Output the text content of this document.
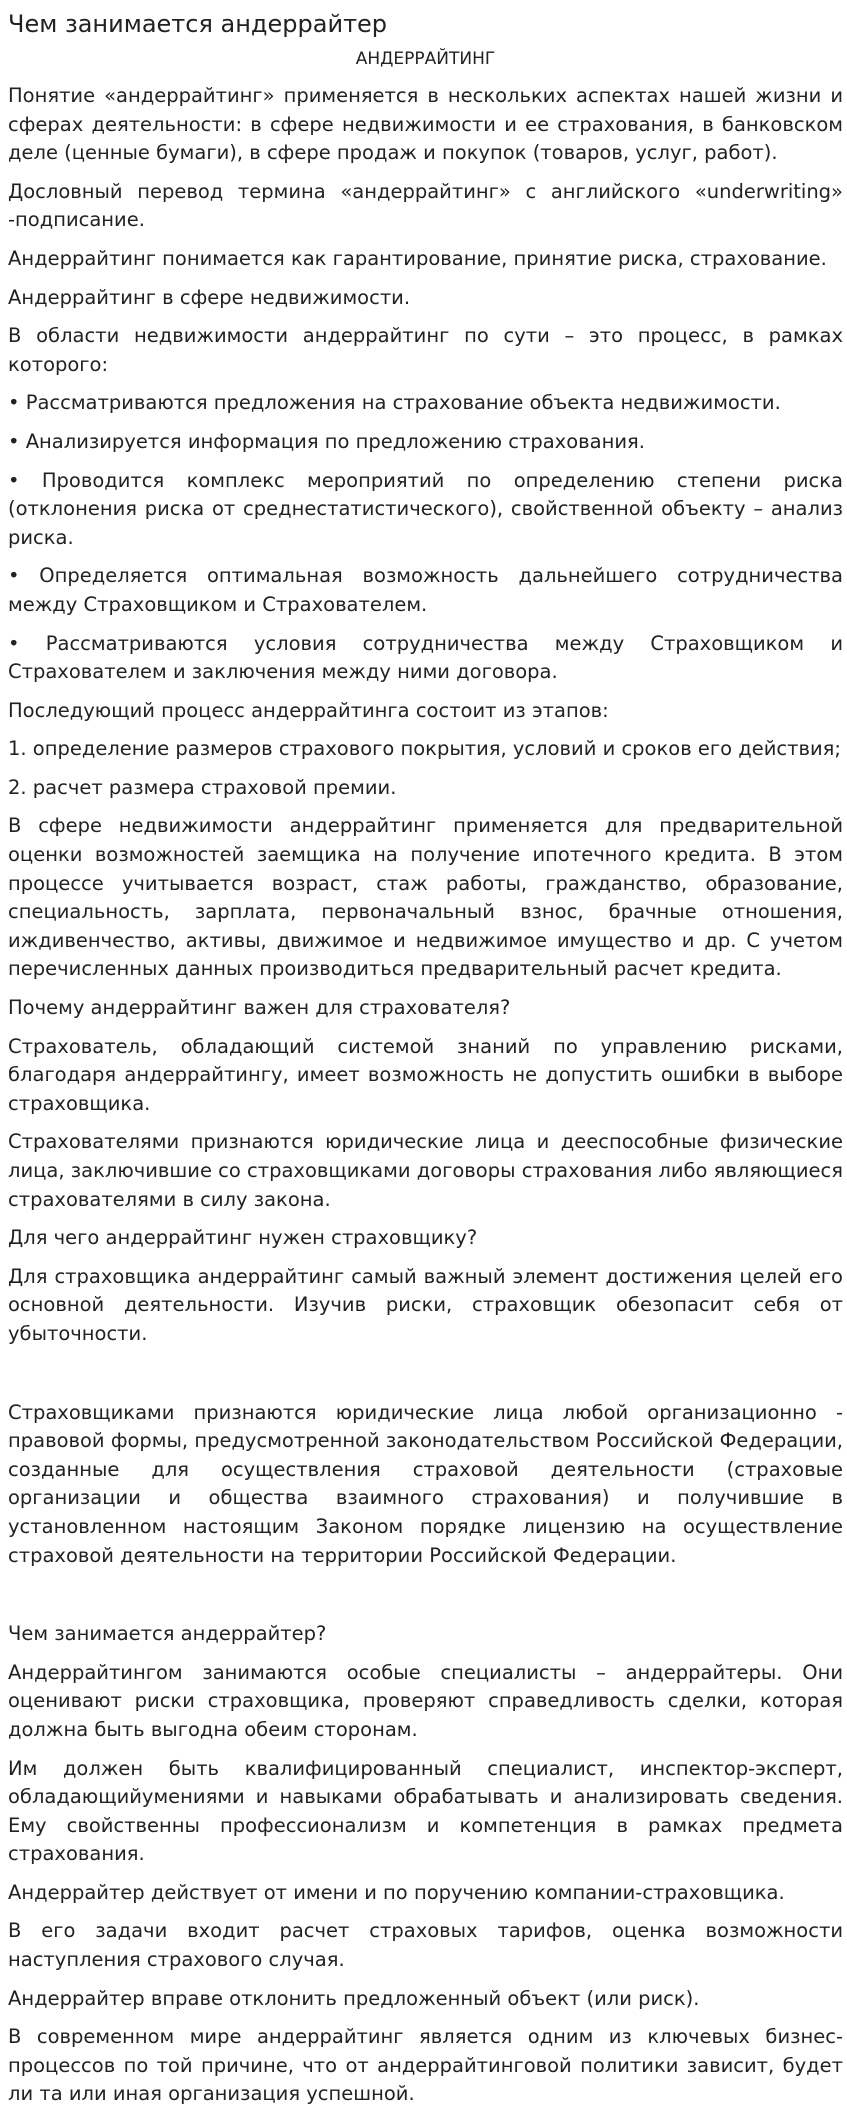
Чем занимается андеррайтер
АНДЕРРАЙТИНГ

Понятие «андеррайтинг» применяется в нескольких аспектах нашей жизни и сферах деятельности: в сфере недвижимости и ее страхования, в банковском деле (ценные бумаги), в сфере продаж и покупок (товаров, услуг, работ).

Дословный перевод термина «андеррайтинг» с английского «underwriting» -подписание.

Андеррайтинг понимается как гарантирование, принятие риска, страхование.

Андеррайтинг в сфере недвижимости.

В области недвижимости андеррайтинг по сути – это процесс, в рамках которого:

• Рассматриваются предложения на страхование объекта недвижимости.

• Анализируется информация по предложению страхования.

• Проводится комплекс мероприятий по определению степени риска (отклонения риска от среднестатистического), свойственной объекту – анализ риска.

• Определяется оптимальная возможность дальнейшего сотрудничества между Страховщиком и Страхователем.

• Рассматриваются условия сотрудничества между Страховщиком и Страхователем и заключения между ними договора.

Последующий процесс андеррайтинга состоит из этапов:

1. определение размеров страхового покрытия, условий и сроков его действия;

2. расчет размера страховой премии.

В сфере недвижимости андеррайтинг применяется для предварительной оценки возможностей заемщика на получение ипотечного кредита. В этом процессе учитывается возраст, стаж работы, гражданство, образование, специальность, зарплата, первоначальный взнос, брачные отношения, иждивенчество, активы, движимое и недвижимое имущество и др. С учетом перечисленных данных производиться предварительный расчет кредита.

Почему андеррайтинг важен для страхователя?

Страхователь, обладающий системой знаний по управлению рисками, благодаря андеррайтингу, имеет возможность не допустить ошибки в выборе страховщика.

Страхователями признаются юридические лица и дееспособные физические лица, заключившие со страховщиками договоры страхования либо являющиеся страхователями в силу закона.

Для чего андеррайтинг нужен страховщику?

Для страховщика андеррайтинг самый важный элемент достижения целей его основной деятельности. Изучив риски, страховщик обезопасит себя от убыточности.

Страховщиками признаются юридические лица любой организационно - правовой формы, предусмотренной законодательством Российской Федерации, созданные для осуществления страховой деятельности (страховые организации и общества взаимного страхования) и получившие в установленном настоящим Законом порядке лицензию на осуществление страховой деятельности на территории Российской Федерации.

Чем занимается андеррайтер?

Андеррайтингом занимаются особые специалисты – андеррайтеры. Они оценивают риски страховщика, проверяют справедливость сделки, которая должна быть выгодна обеим сторонам.

Им должен быть квалифицированный специалист, инспектор-эксперт, обладающийумениями и навыками обрабатывать и анализировать сведения. Ему свойственны профессионализм и компетенция в рамках предмета страхования.

Андеррайтер действует от имени и по поручению компании-страховщика.

В его задачи входит расчет страховых тарифов, оценка возможности наступления страхового случая.

Андеррайтер вправе отклонить предложенный объект (или риск).

В современном мире андеррайтинг является одним из ключевых бизнес-процессов по той причине, что от андеррайтинговой политики зависит, будет ли та или иная организация успешной.
